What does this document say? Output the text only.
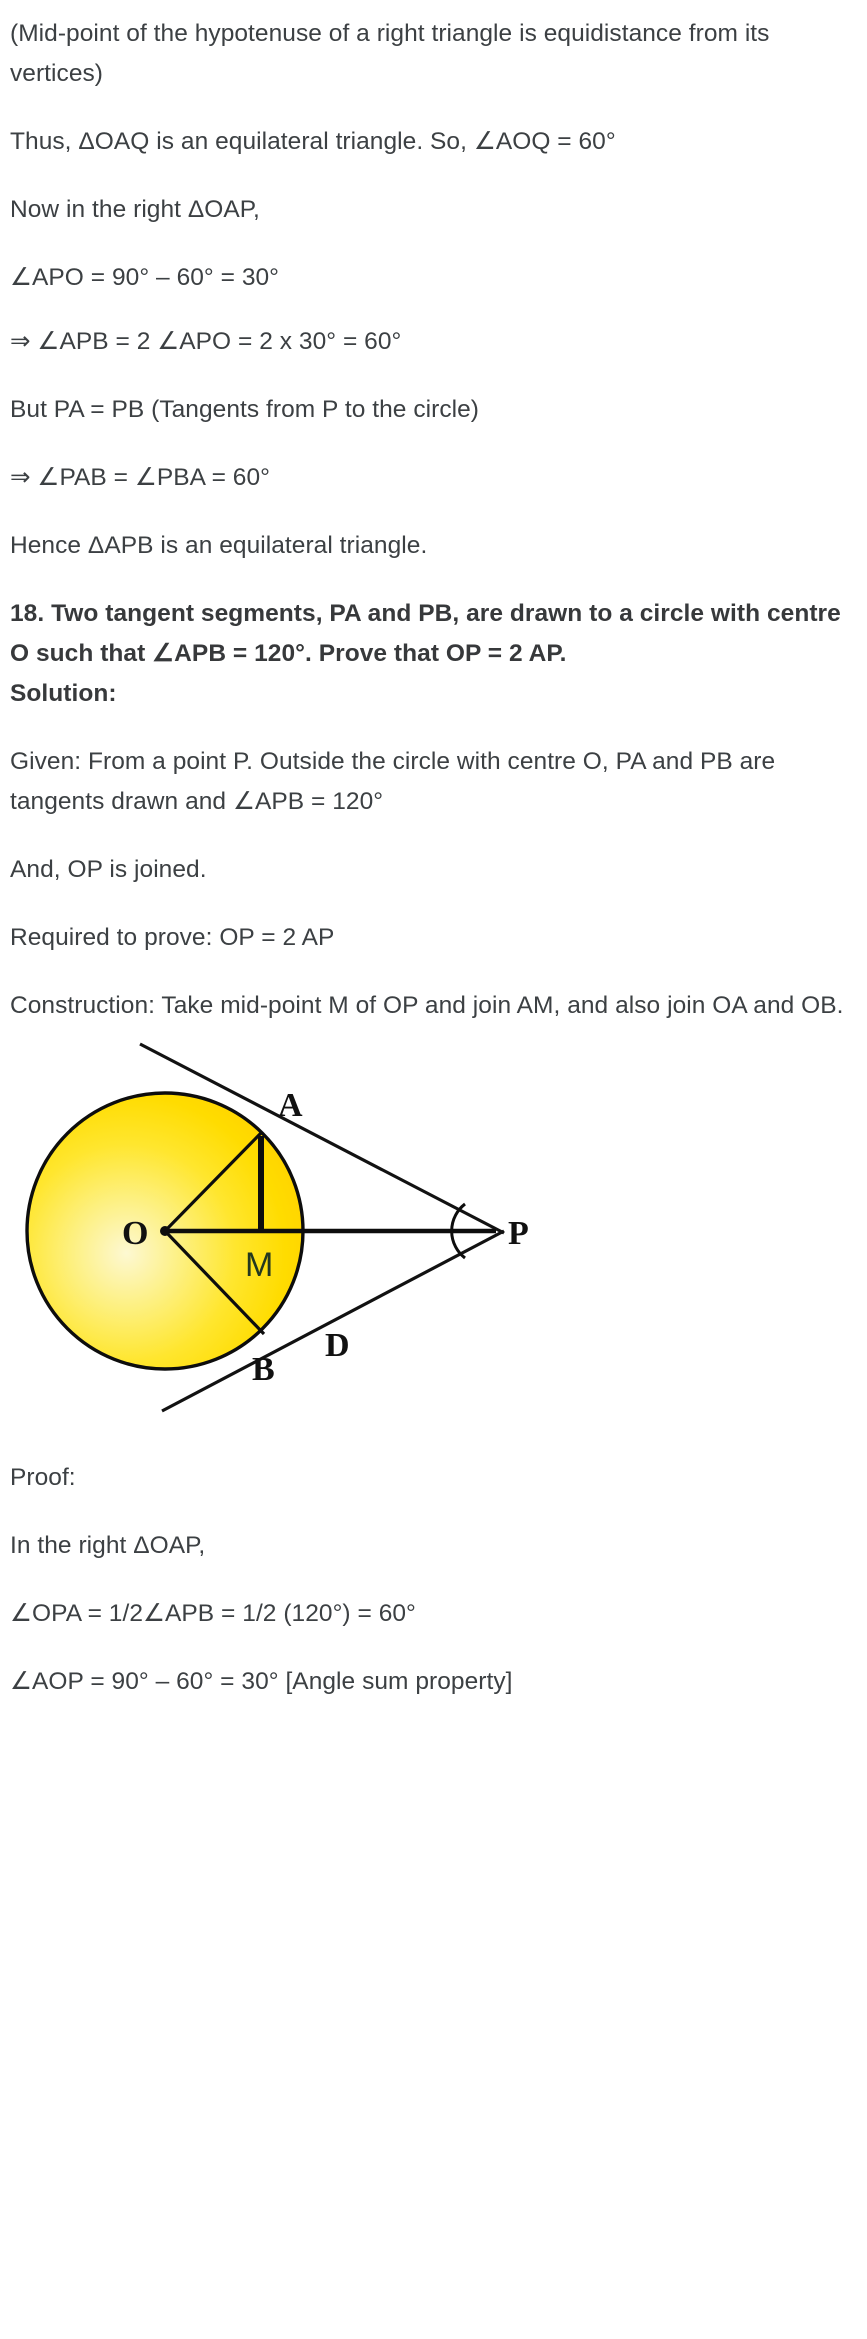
(Mid-point of the hypotenuse of a right triangle is equidistance from its vertices)

Thus, ΔOAQ is an equilateral triangle. So, ∠AOQ = 60°

Now in the right ΔOAP,

∠APO = 90° – 60° = 30°

⇒ ∠APB = 2 ∠APO = 2 x 30° = 60°

But PA = PB (Tangents from P to the circle)

⇒ ∠PAB = ∠PBA = 60°

Hence ΔAPB is an equilateral triangle.

18. Two tangent segments, PA and PB, are drawn to a circle with centre O such that ∠APB = 120°. Prove that OP = 2 AP.

Solution:

Given: From a point P. Outside the circle with centre O, PA and PB are tangents drawn and ∠APB = 120°

And, OP is joined.

Required to prove: OP = 2 AP

Construction: Take mid-point M of OP and join AM, and also join OA and OB.

A
O
M
P
B
D

Proof:

In the right ΔOAP,

∠OPA = 1/2∠APB = 1/2 (120°) = 60°

∠AOP = 90° – 60° = 30° [Angle sum property]
